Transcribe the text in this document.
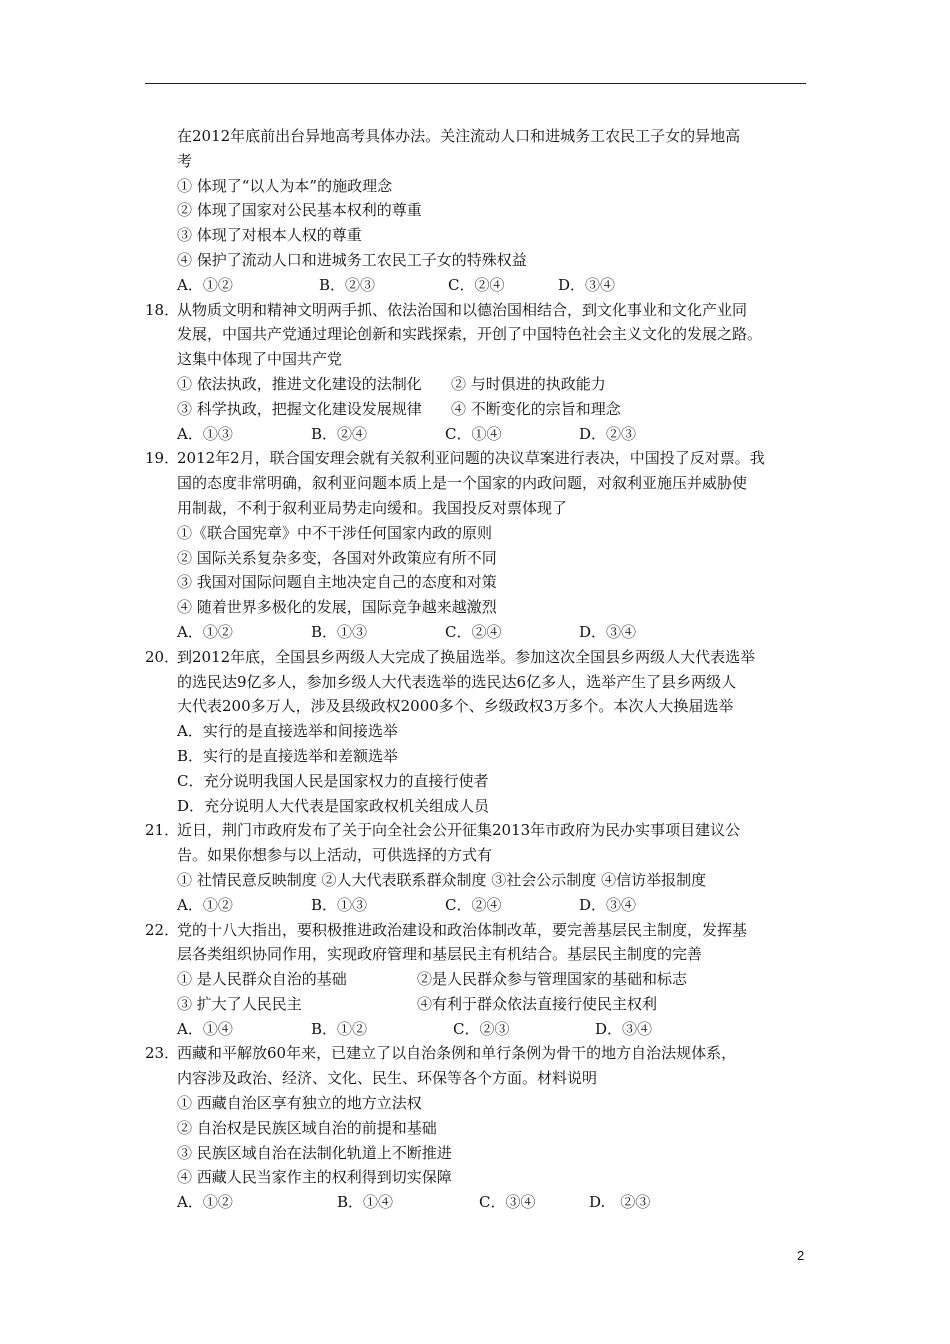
在2012年底前出台异地高考具体办法。关注流动人口和进城务工农民工子女的异地高
考
① 体现了“以人为本”的施政理念
② 体现了国家对公民基本权利的尊重
③ 体现了对根本人权的尊重
④ 保护了流动人口和进城务工农民工子女的特殊权益
A．①②	B．②③	C．②④	D．③④
18．
从物质文明和精神文明两手抓、依法治国和以德治国相结合，到文化事业和文化产业同
发展，中国共产党通过理论创新和实践探索，开创了中国特色社会主义文化的发展之路。
这集中体现了中国共产党
① 依法执政，推进文化建设的法制化	② 与时俱进的执政能力
③ 科学执政，把握文化建设发展规律	④ 不断变化的宗旨和理念
A．①③	B．②④	C．①④	D．②③
19．
2012年2月，联合国安理会就有关叙利亚问题的决议草案进行表决，中国投了反对票。我
国的态度非常明确，叙利亚问题本质上是一个国家的内政问题，对叙利亚施压并威胁使
用制裁，不利于叙利亚局势走向缓和。我国投反对票体现了
①《联合国宪章》中不干涉任何国家内政的原则
② 国际关系复杂多变，各国对外政策应有所不同
③ 我国对国际问题自主地决定自己的态度和对策
④ 随着世界多极化的发展，国际竞争越来越激烈
A．①②	B．①③	C．②④	D．③④
20．
到2012年底，全国县乡两级人大完成了换届选举。参加这次全国县乡两级人大代表选举
的选民达9亿多人，参加乡级人大代表选举的选民达6亿多人，选举产生了县乡两级人
大代表200多万人，涉及县级政权2000多个、乡级政权3万多个。本次人大换届选举
A．实行的是直接选举和间接选举
B．实行的是直接选举和差额选举
C．充分说明我国人民是国家权力的直接行使者
D．充分说明人大代表是国家政权机关组成人员
21．
近日，荆门市政府发布了关于向全社会公开征集2013年市政府为民办实事项目建议公
告。如果你想参与以上活动，可供选择的方式有
① 社情民意反映制度 ②人大代表联系群众制度 ③社会公示制度 ④信访举报制度
A．①②	B．①③	C．②④	D．③④
22．
党的十八大指出，要积极推进政治建设和政治体制改革，要完善基层民主制度，发挥基
层各类组织协同作用，实现政府管理和基层民主有机结合。基层民主制度的完善
① 是人民群众自治的基础	②是人民群众参与管理国家的基础和标志
③ 扩大了人民民主	④有利于群众依法直接行使民主权利
A．①④	B．①②	C．②③	D．③④
23．
西藏和平解放60年来，已建立了以自治条例和单行条例为骨干的地方自治法规体系，
内容涉及政治、经济、文化、民生、环保等各个方面。材料说明
① 西藏自治区享有独立的地方立法权
② 自治权是民族区域自治的前提和基础
③ 民族区域自治在法制化轨道上不断推进
④ 西藏人民当家作主的权利得到切实保障
A．①②	B．①④	C．③④	D.　②③
2
